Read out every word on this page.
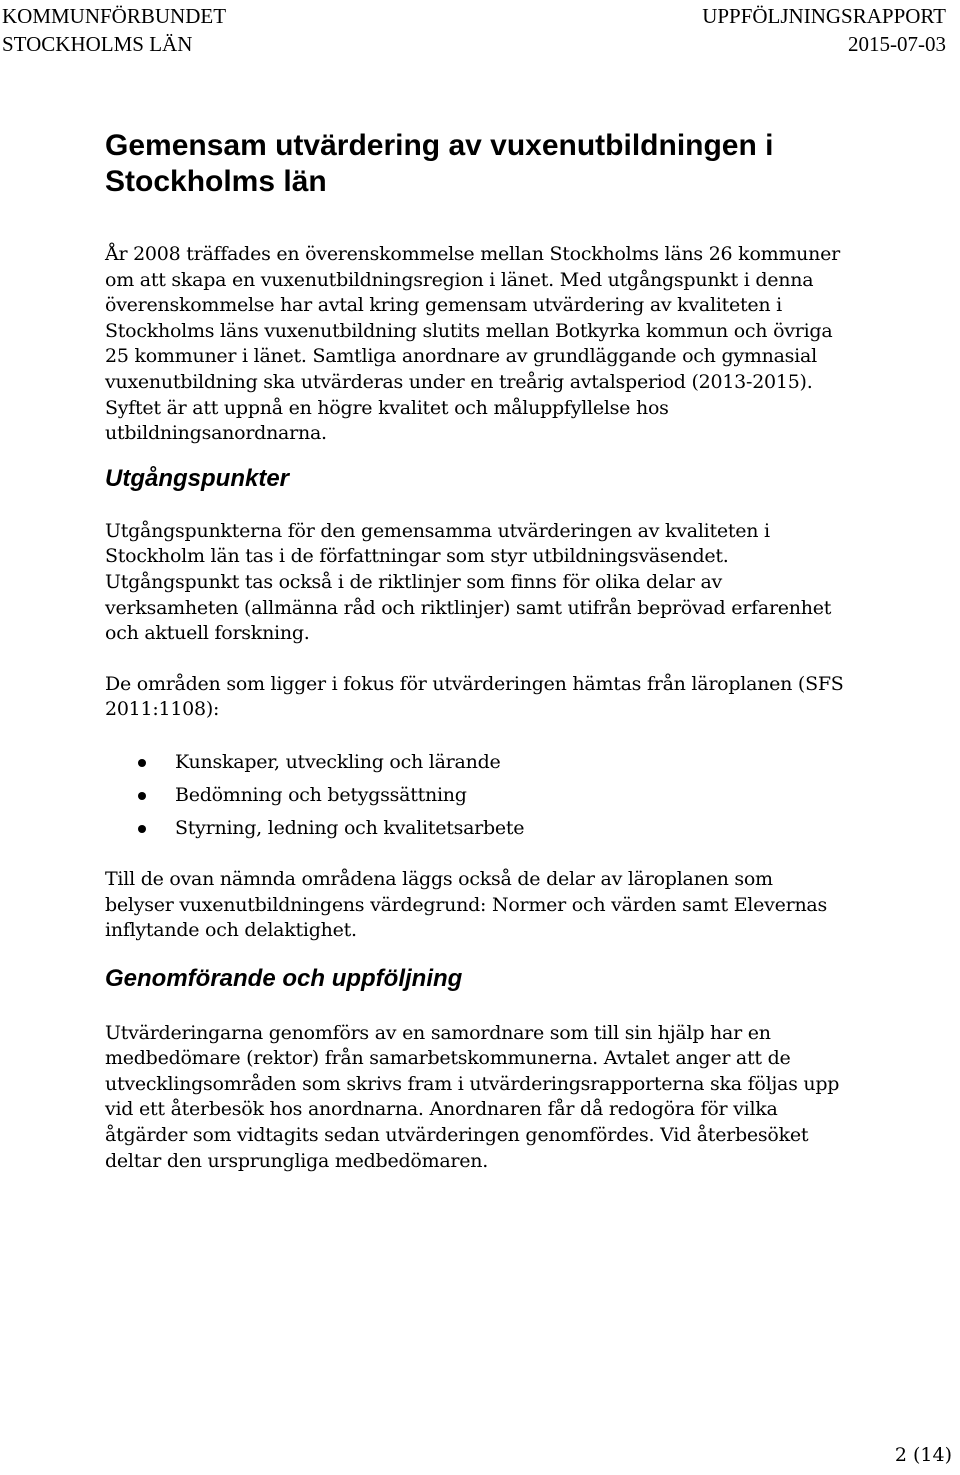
KOMMUNFÖRBUNDET
STOCKHOLMS LÄN
UPPFÖLJNINGSRAPPORT
2015-07-03
Gemensam utvärdering av vuxenutbildningen i Stockholms län

År 2008 träffades en överenskommelse mellan Stockholms läns 26 kommuner om att skapa en vuxenutbildningsregion i länet. Med utgångspunkt i denna överenskommelse har avtal kring gemensam utvärdering av kvaliteten i Stockholms läns vuxenutbildning slutits mellan Botkyrka kommun och övriga 25 kommuner i länet. Samtliga anordnare av grundläggande och gymnasial vuxenutbildning ska utvärderas under en treårig avtalsperiod (2013-2015). Syftet är att uppnå en högre kvalitet och måluppfyllelse hos utbildningsanordnarna.

Utgångspunkter

Utgångspunkterna för den gemensamma utvärderingen av kvaliteten i Stockholm län tas i de författningar som styr utbildningsväsendet. Utgångspunkt tas också i de riktlinjer som finns för olika delar av verksamheten (allmänna råd och riktlinjer) samt utifrån beprövad erfarenhet och aktuell forskning.

De områden som ligger i fokus för utvärderingen hämtas från läroplanen (SFS 2011:1108):

Kunskaper, utveckling och lärande
Bedömning och betygssättning
Styrning, ledning och kvalitetsarbete

Till de ovan nämnda områdena läggs också de delar av läroplanen som belyser vuxenutbildningens värdegrund: Normer och värden samt Elevernas inflytande och delaktighet.

Genomförande och uppföljning

Utvärderingarna genomförs av en samordnare som till sin hjälp har en medbedömare (rektor) från samarbetskommunerna. Avtalet anger att de utvecklingsområden som skrivs fram i utvärderingsrapporterna ska följas upp vid ett återbesök hos anordnarna. Anordnaren får då redogöra för vilka åtgärder som vidtagits sedan utvärderingen genomfördes. Vid återbesöket deltar den ursprungliga medbedömaren.

2 (14)
